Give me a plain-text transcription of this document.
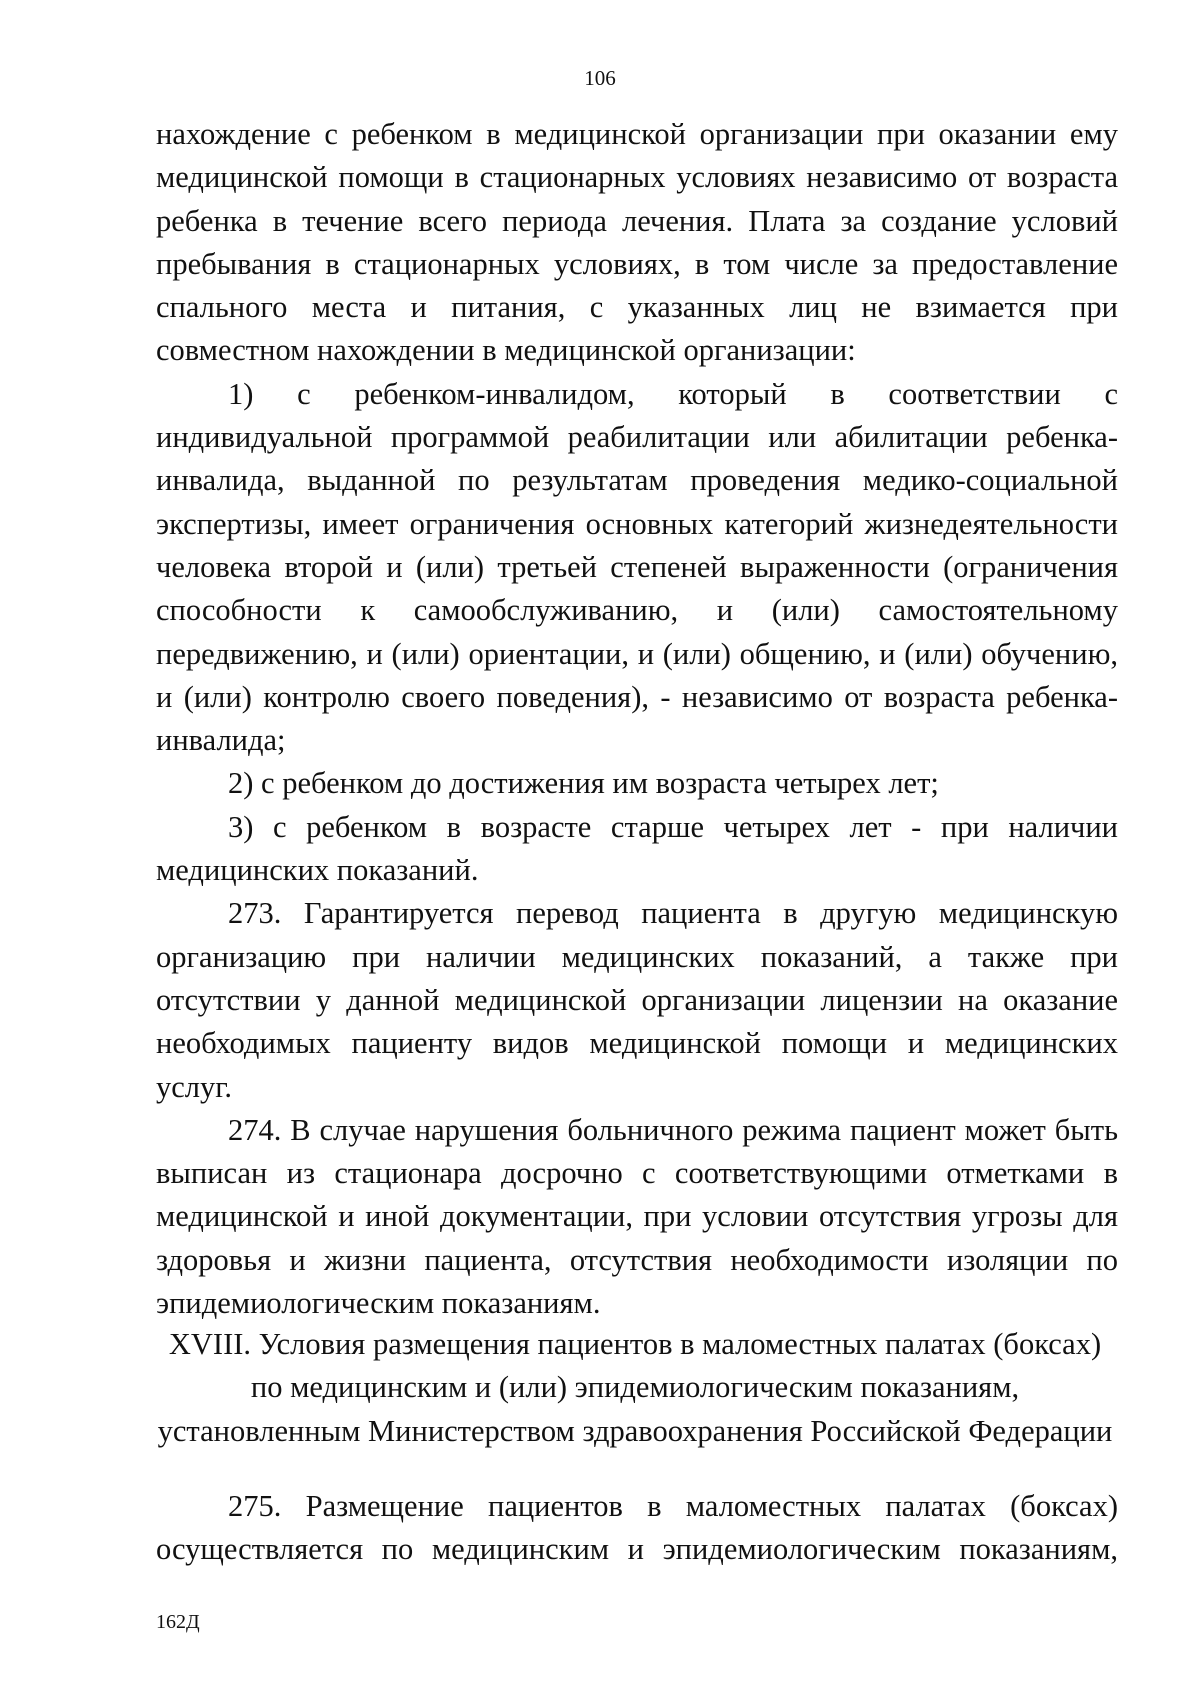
106

нахождение с ребенком в медицинской организации при оказании ему медицинской помощи в стационарных условиях независимо от возраста ребенка в течение всего периода лечения. Плата за создание условий пребывания в стационарных условиях, в том числе за предоставление спального места и питания, с указанных лиц не взимается при совместном нахождении в медицинской организации:

1) с ребенком-инвалидом, который в соответствии с индивидуальной программой реабилитации или абилитации ребенка-инвалида, выданной по результатам проведения медико-социальной экспертизы, имеет ограничения основных категорий жизнедеятельности человека второй и (или) третьей степеней выраженности (ограничения способности к самообслуживанию, и (или) самостоятельному передвижению, и (или) ориентации, и (или) общению, и (или) обучению, и (или) контролю своего поведения), - независимо от возраста ребенка-инвалида;

2) с ребенком до достижения им возраста четырех лет;

3) с ребенком в возрасте старше четырех лет - при наличии медицинских показаний.

273. Гарантируется перевод пациента в другую медицинскую организацию при наличии медицинских показаний, а также при отсутствии у данной медицинской организации лицензии на оказание необходимых пациенту видов медицинской помощи и медицинских услуг.

274. В случае нарушения больничного режима пациент может быть выписан из стационара досрочно с соответствующими отметками в медицинской и иной документации, при условии отсутствия угрозы для здоровья и жизни пациента, отсутствия необходимости изоляции по эпидемиологическим показаниям.

XVIII. Условия размещения пациентов в маломестных палатах (боксах)
по медицинским и (или) эпидемиологическим показаниям,
установленным Министерством здравоохранения Российской Федерации

275. Размещение пациентов в маломестных палатах (боксах) осуществляется по медицинским и эпидемиологическим показаниям,

162Д
